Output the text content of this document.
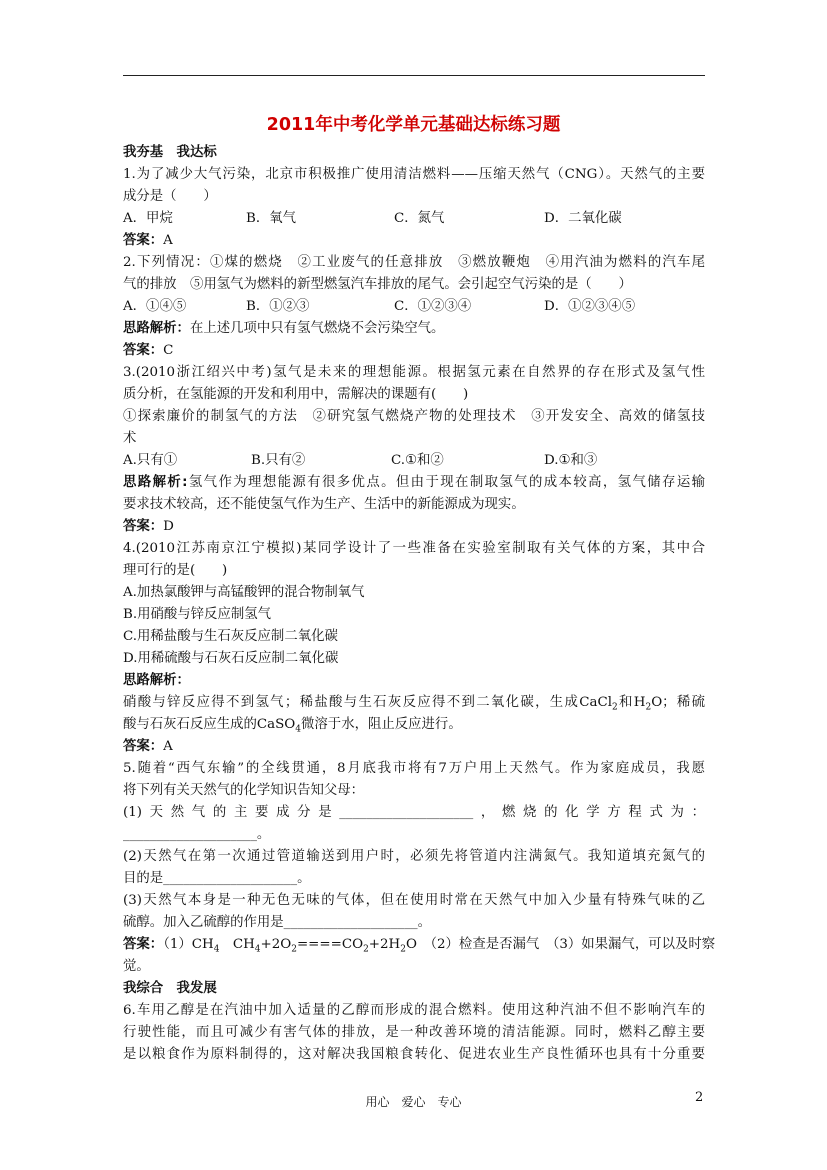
2011年中考化学单元基础达标练习题
我夯基　我达标
1.为了减少大气污染，北京市积极推广使用清洁燃料——压缩天然气（CNG）。天然气的主要
成分是（　　）
A．甲烷	B．氧气	C．氮气	D．二氧化碳
答案：A
2.下列情况：①煤的燃烧　②工业废气的任意排放　③燃放鞭炮　④用汽油为燃料的汽车尾
气的排放　⑤用氢气为燃料的新型燃氢汽车排放的尾气。会引起空气污染的是（　　）
A．①④⑤	B．①②③	C．①②③④	D．①②③④⑤
思路解析：在上述几项中只有氢气燃烧不会污染空气。
答案：C
3.(2010浙江绍兴中考)氢气是未来的理想能源。根据氢元素在自然界的存在形式及氢气性
质分析，在氢能源的开发和利用中，需解决的课题有(　　)
①探索廉价的制氢气的方法　②研究氢气燃烧产物的处理技术　③开发安全、高效的储氢技
术
A.只有①	B.只有②	C.①和②	D.①和③
思路解析:氢气作为理想能源有很多优点。但由于现在制取氢气的成本较高，氢气储存运输
要求技术较高，还不能使氢气作为生产、生活中的新能源成为现实。
答案：D
4.(2010江苏南京江宁模拟)某同学设计了一些准备在实验室制取有关气体的方案，其中合
理可行的是(　　)
A.加热氯酸钾与高锰酸钾的混合物制氧气
B.用硝酸与锌反应制氢气
C.用稀盐酸与生石灰反应制二氧化碳
D.用稀硫酸与石灰石反应制二氧化碳
思路解析：
硝酸与锌反应得不到氢气；稀盐酸与生石灰反应得不到二氧化碳，生成CaCl$_2$和$H_2O$；稀硫
酸与石灰石反应生成的CaSO$_4$微溶于水，阻止反应进行。
答案：A
5.随着“西气东输”的全线贯通，8月底我市将有7万户用上天然气。作为家庭成员，我愿
将下列有关天然气的化学知识告知父母：
(1)天然气的主要成分是____________________，燃烧的化学方程式为：
____________________。
(2)天然气在第一次通过管道输送到用户时，必须先将管道内注满氮气。我知道填充氮气的
目的是____________________。
(3)天然气本身是一种无色无味的气体，但在使用时常在天然气中加入少量有特殊气味的乙
硫醇。加入乙硫醇的作用是____________________。
答案：$(1)CH_4$　$CH_4+2O_2====CO_2+2H_2O$　（2）检查是否漏气　（3）如果漏气，可以及时察
觉。
我综合　我发展
6.车用乙醇是在汽油中加入适量的乙醇而形成的混合燃料。使用这种汽油不但不影响汽车的
行驶性能，而且可减少有害气体的排放，是一种改善环境的清洁能源。同时，燃料乙醇主要
是以粮食作为原料制得的，这对解决我国粮食转化、促进农业生产良性循环也具有十分重要
用心　爱心　专心	2
